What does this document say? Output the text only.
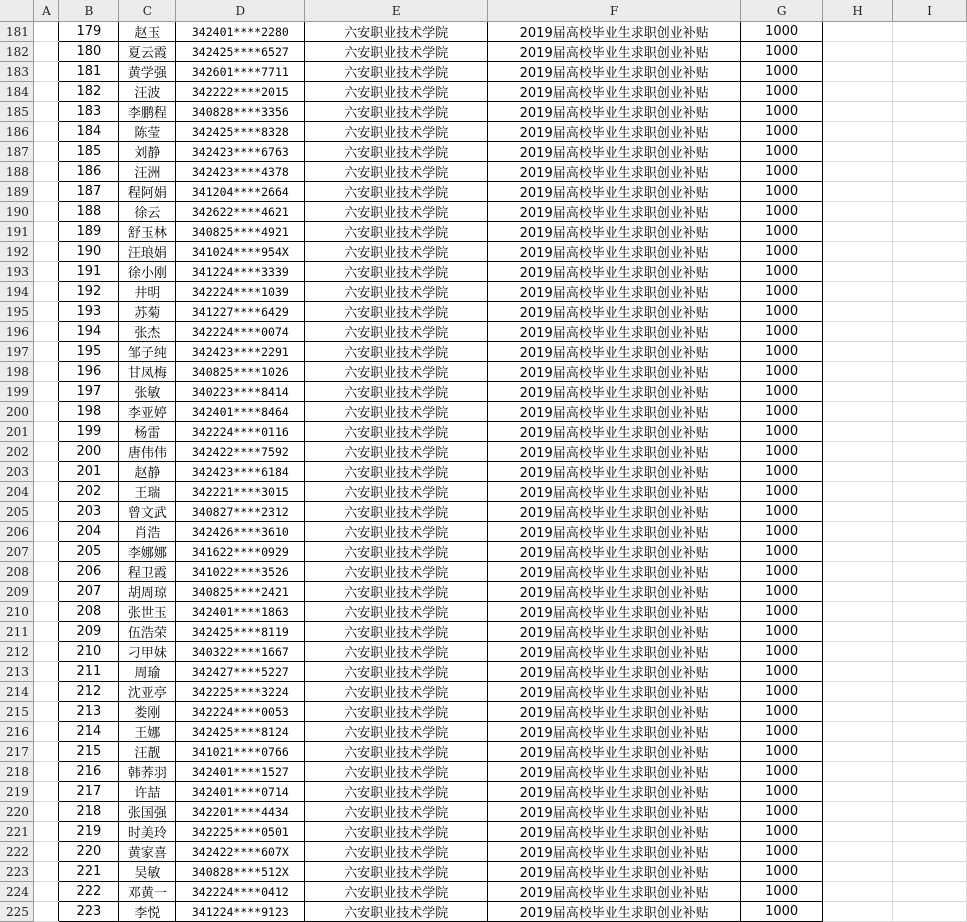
	A	B	C	D	E	F	G	H	I
181		179	赵玉	342401****2280	六安职业技术学院	2019届高校毕业生求职创业补贴	1000		
182		180	夏云霞	342425****6527	六安职业技术学院	2019届高校毕业生求职创业补贴	1000		
183		181	黄学强	342601****7711	六安职业技术学院	2019届高校毕业生求职创业补贴	1000		
184		182	汪波	342222****2015	六安职业技术学院	2019届高校毕业生求职创业补贴	1000		
185		183	李鹏程	340828****3356	六安职业技术学院	2019届高校毕业生求职创业补贴	1000		
186		184	陈莹	342425****8328	六安职业技术学院	2019届高校毕业生求职创业补贴	1000		
187		185	刘静	342423****6763	六安职业技术学院	2019届高校毕业生求职创业补贴	1000		
188		186	汪洲	342423****4378	六安职业技术学院	2019届高校毕业生求职创业补贴	1000		
189		187	程阿娟	341204****2664	六安职业技术学院	2019届高校毕业生求职创业补贴	1000		
190		188	徐云	342622****4621	六安职业技术学院	2019届高校毕业生求职创业补贴	1000		
191		189	舒玉林	340825****4921	六安职业技术学院	2019届高校毕业生求职创业补贴	1000		
192		190	汪琅娟	341024****954X	六安职业技术学院	2019届高校毕业生求职创业补贴	1000		
193		191	徐小刚	341224****3339	六安职业技术学院	2019届高校毕业生求职创业补贴	1000		
194		192	井明	342224****1039	六安职业技术学院	2019届高校毕业生求职创业补贴	1000		
195		193	苏菊	341227****6429	六安职业技术学院	2019届高校毕业生求职创业补贴	1000		
196		194	张杰	342224****0074	六安职业技术学院	2019届高校毕业生求职创业补贴	1000		
197		195	邹子纯	342423****2291	六安职业技术学院	2019届高校毕业生求职创业补贴	1000		
198		196	甘凤梅	340825****1026	六安职业技术学院	2019届高校毕业生求职创业补贴	1000		
199		197	张敏	340223****8414	六安职业技术学院	2019届高校毕业生求职创业补贴	1000		
200		198	李亚婷	342401****8464	六安职业技术学院	2019届高校毕业生求职创业补贴	1000		
201		199	杨雷	342224****0116	六安职业技术学院	2019届高校毕业生求职创业补贴	1000		
202		200	唐伟伟	342422****7592	六安职业技术学院	2019届高校毕业生求职创业补贴	1000		
203		201	赵静	342423****6184	六安职业技术学院	2019届高校毕业生求职创业补贴	1000		
204		202	王瑞	342221****3015	六安职业技术学院	2019届高校毕业生求职创业补贴	1000		
205		203	曾文武	340827****2312	六安职业技术学院	2019届高校毕业生求职创业补贴	1000		
206		204	肖浩	342426****3610	六安职业技术学院	2019届高校毕业生求职创业补贴	1000		
207		205	李娜娜	341622****0929	六安职业技术学院	2019届高校毕业生求职创业补贴	1000		
208		206	程卫霞	341022****3526	六安职业技术学院	2019届高校毕业生求职创业补贴	1000		
209		207	胡周琼	340825****2421	六安职业技术学院	2019届高校毕业生求职创业补贴	1000		
210		208	张世玉	342401****1863	六安职业技术学院	2019届高校毕业生求职创业补贴	1000		
211		209	伍浩荣	342425****8119	六安职业技术学院	2019届高校毕业生求职创业补贴	1000		
212		210	刁甲妹	340322****1667	六安职业技术学院	2019届高校毕业生求职创业补贴	1000		
213		211	周瑜	342427****5227	六安职业技术学院	2019届高校毕业生求职创业补贴	1000		
214		212	沈亚亭	342225****3224	六安职业技术学院	2019届高校毕业生求职创业补贴	1000		
215		213	娄刚	342224****0053	六安职业技术学院	2019届高校毕业生求职创业补贴	1000		
216		214	王娜	342425****8124	六安职业技术学院	2019届高校毕业生求职创业补贴	1000		
217		215	汪靓	341021****0766	六安职业技术学院	2019届高校毕业生求职创业补贴	1000		
218		216	韩荞羽	342401****1527	六安职业技术学院	2019届高校毕业生求职创业补贴	1000		
219		217	许喆	342401****0714	六安职业技术学院	2019届高校毕业生求职创业补贴	1000		
220		218	张国强	342201****4434	六安职业技术学院	2019届高校毕业生求职创业补贴	1000		
221		219	时美玲	342225****0501	六安职业技术学院	2019届高校毕业生求职创业补贴	1000		
222		220	黄家喜	342422****607X	六安职业技术学院	2019届高校毕业生求职创业补贴	1000		
223		221	吴敏	340828****512X	六安职业技术学院	2019届高校毕业生求职创业补贴	1000		
224		222	邓黄一	342224****0412	六安职业技术学院	2019届高校毕业生求职创业补贴	1000		
225		223	李悦	341224****9123	六安职业技术学院	2019届高校毕业生求职创业补贴	1000		
